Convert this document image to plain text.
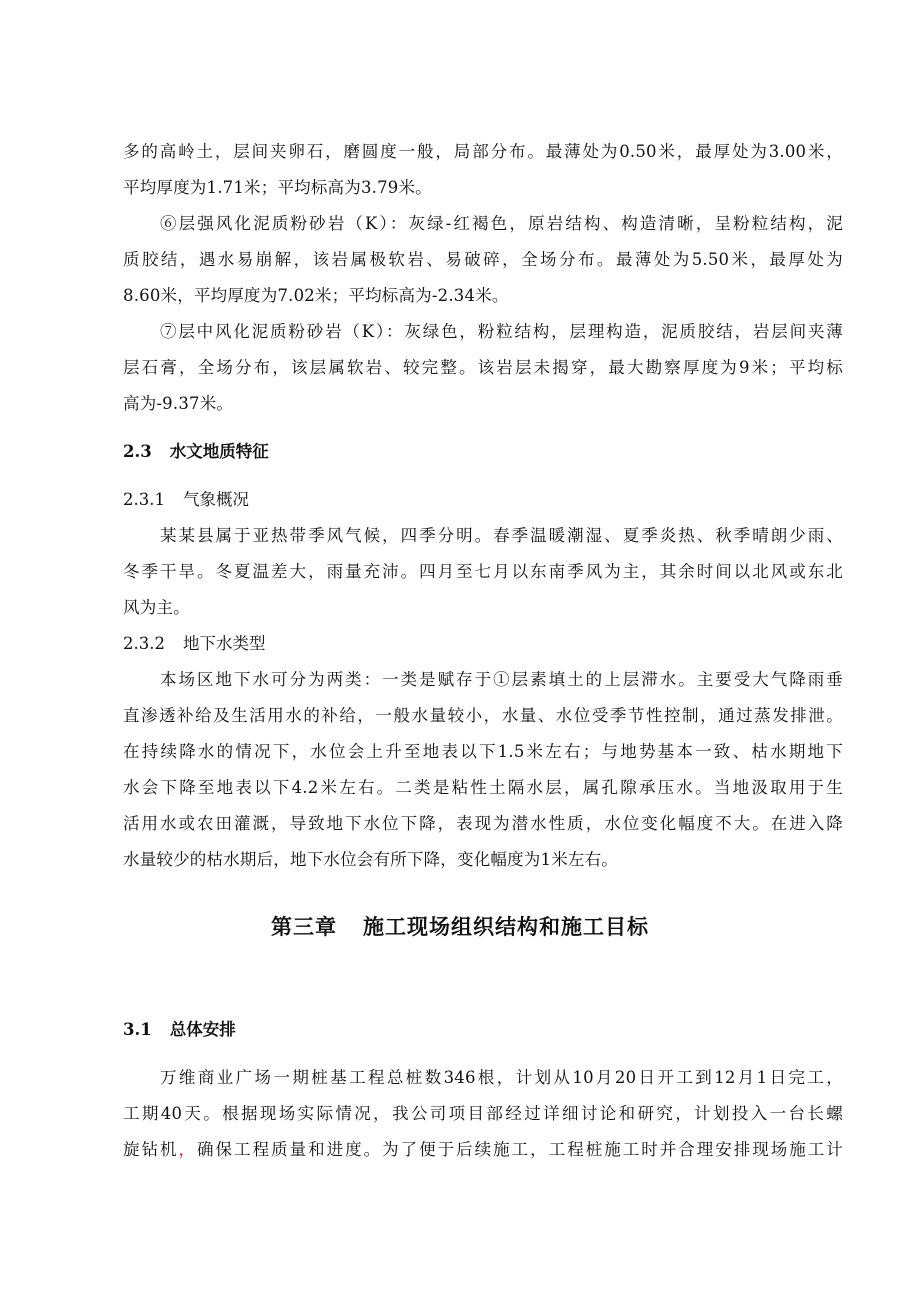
多的高岭土，层间夹卵石，磨圆度一般，局部分布。最薄处为0.50米，最厚处为3.00米，
平均厚度为1.71米；平均标高为3.79米。
⑥层强风化泥质粉砂岩（K）：灰绿-红褐色，原岩结构、构造清晰，呈粉粒结构，泥
质胶结，遇水易崩解，该岩属极软岩、易破碎，全场分布。最薄处为5.50米，最厚处为
8.60米，平均厚度为7.02米；平均标高为-2.34米。
⑦层中风化泥质粉砂岩（K）：灰绿色，粉粒结构，层理构造，泥质胶结，岩层间夹薄
层石膏，全场分布，该层属软岩、较完整。该岩层未揭穿，最大勘察厚度为9米；平均标
高为-9.37米。
2.3 水文地质特征
2.3.1 气象概况
某某县属于亚热带季风气候，四季分明。春季温暖潮湿、夏季炎热、秋季晴朗少雨、
冬季干旱。冬夏温差大，雨量充沛。四月至七月以东南季风为主，其余时间以北风或东北
风为主。
2.3.2 地下水类型
本场区地下水可分为两类：一类是赋存于①层素填土的上层滞水。主要受大气降雨垂
直渗透补给及生活用水的补给，一般水量较小，水量、水位受季节性控制，通过蒸发排泄。
在持续降水的情况下，水位会上升至地表以下1.5米左右；与地势基本一致、枯水期地下
水会下降至地表以下4.2米左右。二类是粘性土隔水层，属孔隙承压水。当地汲取用于生
活用水或农田灌溉，导致地下水位下降，表现为潜水性质，水位变化幅度不大。在进入降
水量较少的枯水期后，地下水位会有所下降，变化幅度为1米左右。
第三章 施工现场组织结构和施工目标
3.1 总体安排
万维商业广场一期桩基工程总桩数346根，计划从10月20日开工到12月1日完工，
工期40天。根据现场实际情况，我公司项目部经过详细讨论和研究，计划投入一台长螺
旋钻机，确保工程质量和进度。为了便于后续施工，工程桩施工时并合理安排现场施工计
